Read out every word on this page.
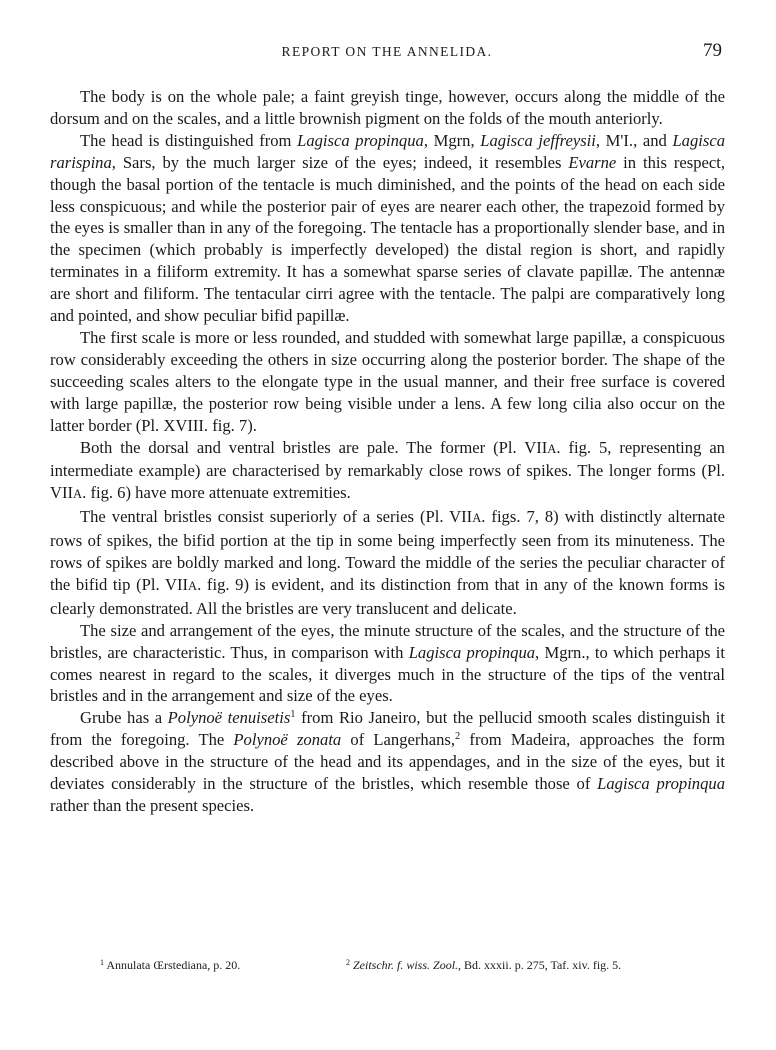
REPORT ON THE ANNELIDA.	79

The body is on the whole pale; a faint greyish tinge, however, occurs along the middle of the dorsum and on the scales, and a little brownish pigment on the folds of the mouth anteriorly.

The head is distinguished from Lagisca propinqua, Mgrn, Lagisca jeffreysii, M'I., and Lagisca rarispina, Sars, by the much larger size of the eyes; indeed, it resembles Evarne in this respect, though the basal portion of the tentacle is much diminished, and the points of the head on each side less conspicuous; and while the posterior pair of eyes are nearer each other, the trapezoid formed by the eyes is smaller than in any of the foregoing. The tentacle has a proportionally slender base, and in the specimen (which probably is imperfectly developed) the distal region is short, and rapidly terminates in a filiform extremity. It has a somewhat sparse series of clavate papillæ. The antennæ are short and filiform. The tentacular cirri agree with the tentacle. The palpi are comparatively long and pointed, and show peculiar bifid papillæ.

The first scale is more or less rounded, and studded with somewhat large papillæ, a conspicuous row considerably exceeding the others in size occurring along the posterior border. The shape of the succeeding scales alters to the elongate type in the usual manner, and their free surface is covered with large papillæ, the posterior row being visible under a lens. A few long cilia also occur on the latter border (Pl. XVIII. fig. 7).

Both the dorsal and ventral bristles are pale. The former (Pl. VIIA. fig. 5, representing an intermediate example) are characterised by remarkably close rows of spikes. The longer forms (Pl. VIIA. fig. 6) have more attenuate extremities.

The ventral bristles consist superiorly of a series (Pl. VIIA. figs. 7, 8) with distinctly alternate rows of spikes, the bifid portion at the tip in some being imperfectly seen from its minuteness. The rows of spikes are boldly marked and long. Toward the middle of the series the peculiar character of the bifid tip (Pl. VIIA. fig. 9) is evident, and its distinction from that in any of the known forms is clearly demonstrated. All the bristles are very translucent and delicate.

The size and arrangement of the eyes, the minute structure of the scales, and the structure of the bristles, are characteristic. Thus, in comparison with Lagisca propinqua, Mgrn., to which perhaps it comes nearest in regard to the scales, it diverges much in the structure of the tips of the ventral bristles and in the arrangement and size of the eyes.

Grube has a Polynoë tenuisetis$^1$ from Rio Janeiro, but the pellucid smooth scales distinguish it from the foregoing. The Polynoë zonata of Langerhans,$^2$ from Madeira, approaches the form described above in the structure of the head and its appendages, and in the size of the eyes, but it deviates considerably in the structure of the bristles, which resemble those of Lagisca propinqua rather than the present species.

$^1$ Annulata Œrstediana, p. 20.	$^2$ Zeitschr. f. wiss. Zool., Bd. xxxii. p. 275, Taf. xiv. fig. 5.
